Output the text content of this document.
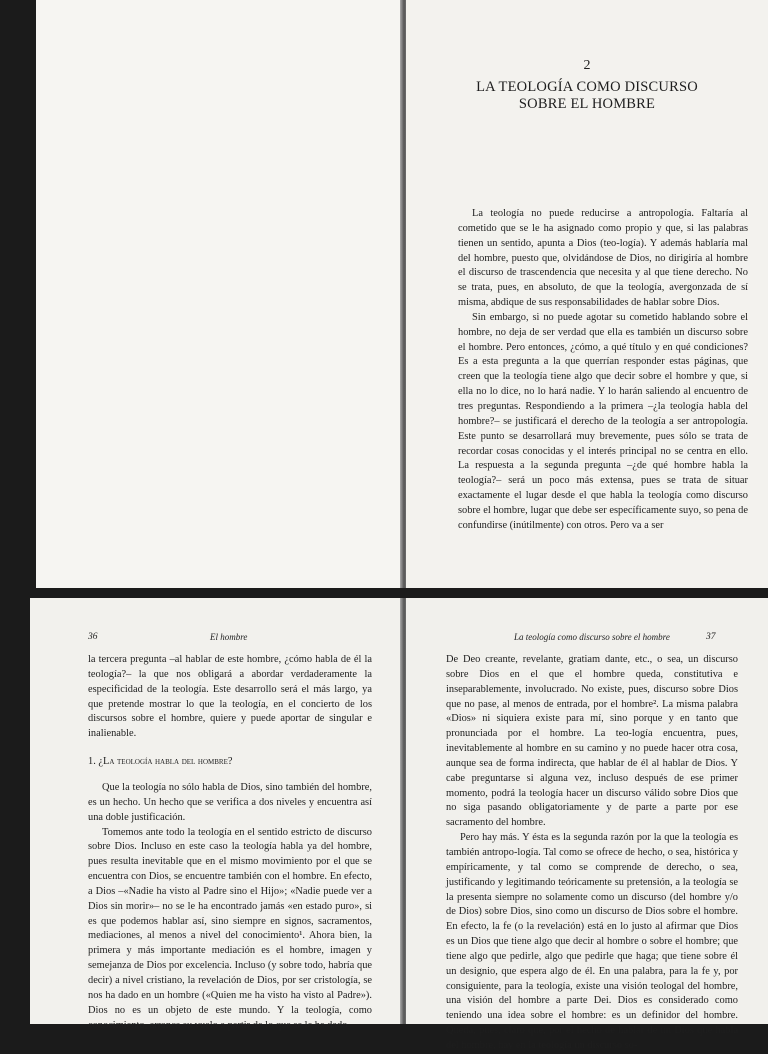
2
LA TEOLOGÍA COMO DISCURSO
SOBRE EL HOMBRE

La teología no puede reducirse a antropología. Faltaría al cometido que se le ha asignado como propio y que, si las palabras tienen un sentido, apunta a Dios (teo-logía). Y además hablaría mal del hombre, puesto que, olvidándose de Dios, no dirigiría al hombre el discurso de trascendencia que necesita y al que tiene derecho. No se trata, pues, en absoluto, de que la teología, avergonzada de sí misma, abdique de sus responsabilidades de hablar sobre Dios.

Sin embargo, si no puede agotar su cometido hablando sobre el hombre, no deja de ser verdad que ella es también un discurso sobre el hombre. Pero entonces, ¿cómo, a qué título y en qué condiciones? Es a esta pregunta a la que querrían responder estas páginas, que creen que la teología tiene algo que decir sobre el hombre y que, si ella no lo dice, no lo hará nadie. Y lo harán saliendo al encuentro de tres preguntas. Respondiendo a la primera –¿la teología habla del hombre?– se justificará el derecho de la teología a ser antropología. Este punto se desarrollará muy brevemente, pues sólo se trata de recordar cosas conocidas y el interés principal no se centra en ello. La respuesta a la segunda pregunta –¿de qué hombre habla la teología?– será un poco más extensa, pues se trata de situar exactamente el lugar desde el que habla la teología como discurso sobre el hombre, lugar que debe ser específicamente suyo, so pena de confundirse (inútilmente) con otros. Pero va a ser

36	El hombre

la tercera pregunta –al hablar de este hombre, ¿cómo habla de él la teología?– la que nos obligará a abordar verdaderamente la especificidad de la teología. Este desarrollo será el más largo, ya que pretende mostrar lo que la teología, en el concierto de los discursos sobre el hombre, quiere y puede aportar de singular e inalienable.

1. ¿La teología habla del hombre?

Que la teología no sólo habla de Dios, sino también del hombre, es un hecho. Un hecho que se verifica a dos niveles y encuentra así una doble justificación.

Tomemos ante todo la teología en el sentido estricto de discurso sobre Dios. Incluso en este caso la teología habla ya del hombre, pues resulta inevitable que en el mismo movimiento por el que se encuentra con Dios, se encuentre también con el hombre. En efecto, a Dios –«Nadie ha visto al Padre sino el Hijo»; «Nadie puede ver a Dios sin morir»– no se le ha encontrado jamás «en estado puro», si es que podemos hablar así, sino siempre en signos, sacramentos, mediaciones, al menos a nivel del conocimiento¹. Ahora bien, la primera y más importante mediación es el hombre, imagen y semejanza de Dios por excelencia. Incluso (y sobre todo, habría que decir) a nivel cristiano, la revelación de Dios, por ser cristología, se nos ha dado en un hombre («Quien me ha visto ha visto al Padre»). Dios no es un objeto de este mundo. Y la teología, como conocimiento, arranca su vuelo a partir de lo que se le ha dado

La teología como discurso sobre el hombre	37

De Deo creante, revelante, gratiam dante, etc., o sea, un discurso sobre Dios en el que el hombre queda, constitutiva e inseparablemente, involucrado. No existe, pues, discurso sobre Dios que no pase, al menos de entrada, por el hombre². La misma palabra «Dios» ni siquiera existe para mí, sino porque y en tanto que pronunciada por el hombre. La teo-logía encuentra, pues, inevitablemente al hombre en su camino y no puede hacer otra cosa, aunque sea de forma indirecta, que hablar de él al hablar de Dios. Y cabe preguntarse si alguna vez, incluso después de ese primer momento, podrá la teología hacer un discurso válido sobre Dios que no siga pasando obligatoriamente y de parte a parte por ese sacramento del hombre.

Pero hay más. Y ésta es la segunda razón por la que la teología es también antropo-logía. Tal como se ofrece de hecho, o sea, histórica y empíricamente, y tal como se comprende de derecho, o sea, justificando y legitimando teóricamente su pretensión, a la teología se la presenta siempre no solamente como un discurso (del hombre y/o de Dios) sobre Dios, sino como un discurso de Dios sobre el hombre. En efecto, la fe (o la revelación) está en lo justo al afirmar que Dios es un Dios que tiene algo que decir al hombre o sobre el hombre; que tiene algo que pedirle, algo que pedirle que haga; que tiene sobre él un designio, que espera algo de él. En una palabra, para la fe y, por consiguiente, para la teología, existe una visión teologal del hombre, una visión del hombre a parte Dei. Dios es considerado como teniendo una idea sobre el hombre: es un definidor del hombre. Queda, pues, claro que, por el hecho de hablar de un Dios que habla del hombre, hay en la teología un discurso so-
